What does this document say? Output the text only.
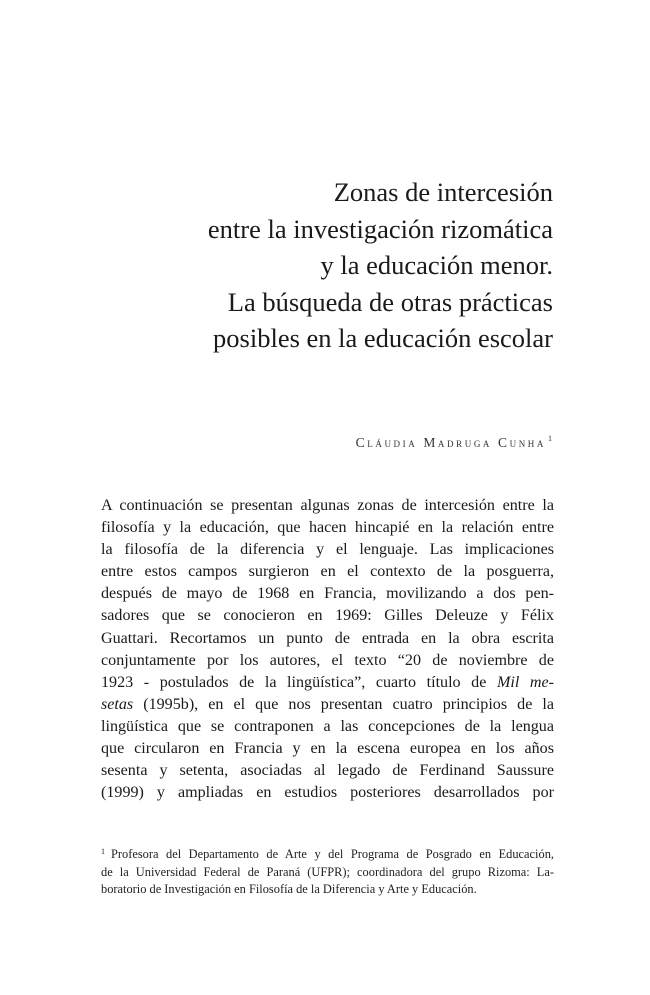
Zonas de intercesión
entre la investigación rizomática
y la educación menor.
La búsqueda de otras prácticas
posibles en la educación escolar
Cláudia Madruga Cunha $^1$
A continuación se presentan algunas zonas de intercesión entre la
filosofía y la educación, que hacen hincapié en la relación entre
la filosofía de la diferencia y el lenguaje. Las implicaciones
entre estos campos surgieron en el contexto de la posguerra,
después de mayo de 1968 en Francia, movilizando a dos pen-
sadores que se conocieron en 1969: Gilles Deleuze y Félix
Guattari. Recortamos un punto de entrada en la obra escrita
conjuntamente por los autores, el texto “20 de noviembre de
1923 - postulados de la lingüística”, cuarto título de Mil me-
setas (1995b), en el que nos presentan cuatro principios de la
lingüística que se contraponen a las concepciones de la lengua
que circularon en Francia y en la escena europea en los años
sesenta y setenta, asociadas al legado de Ferdinand Saussure
(1999) y ampliadas en estudios posteriores desarrollados por
$^1$ Profesora del Departamento de Arte y del Programa de Posgrado en Educación,
de la Universidad Federal de Paraná (UFPR); coordinadora del grupo Rizoma: La-
boratorio de Investigación en Filosofía de la Diferencia y Arte y Educación.
